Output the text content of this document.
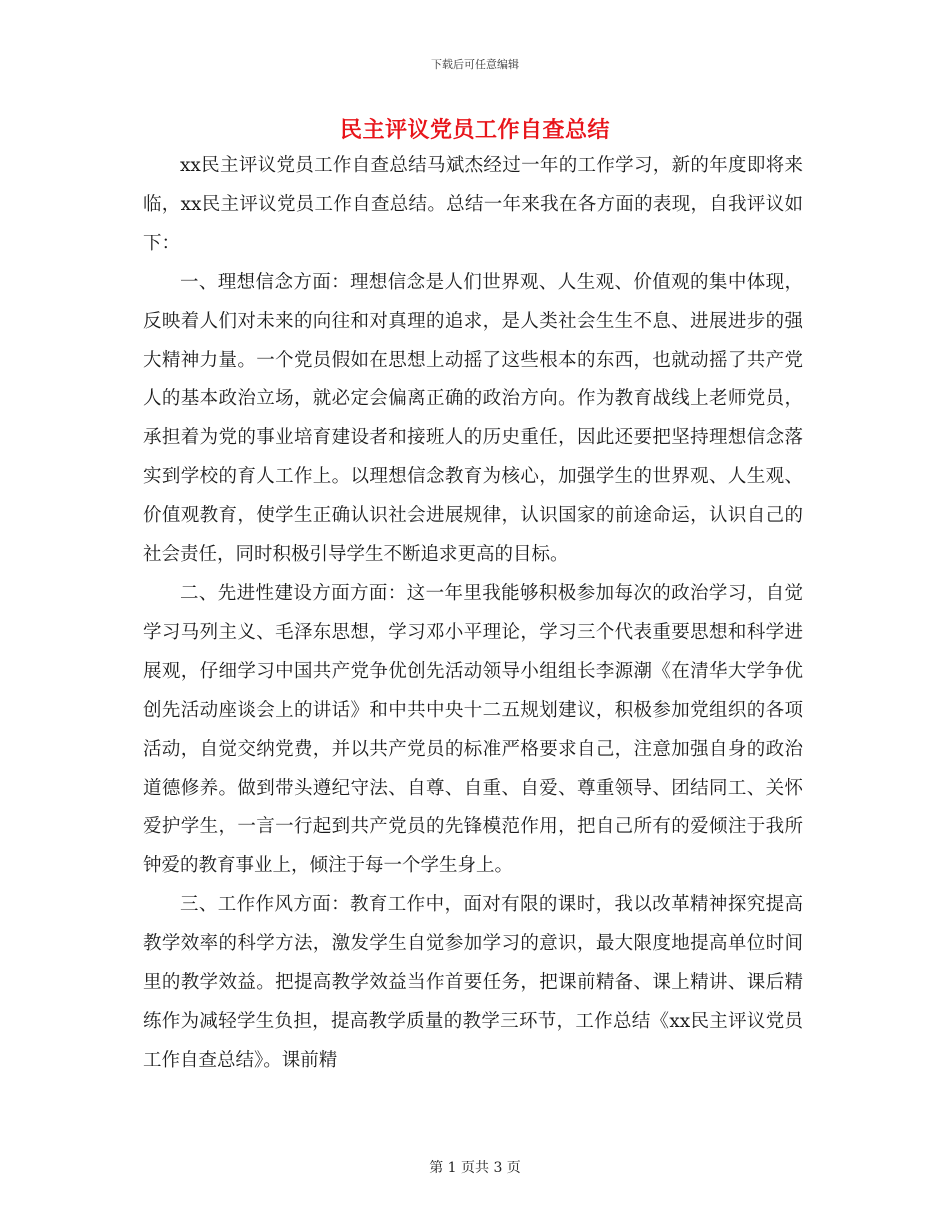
下载后可任意编辑
民主评议党员工作自查总结

xx民主评议党员工作自查总结马斌杰经过一年的工作学习，新的年度即将来临，xx民主评议党员工作自查总结。总结一年来我在各方面的表现，自我评议如下：

一、理想信念方面：理想信念是人们世界观、人生观、价值观的集中体现，反映着人们对未来的向往和对真理的追求，是人类社会生生不息、进展进步的强大精神力量。一个党员假如在思想上动摇了这些根本的东西，也就动摇了共产党人的基本政治立场，就必定会偏离正确的政治方向。作为教育战线上老师党员，承担着为党的事业培育建设者和接班人的历史重任，因此还要把坚持理想信念落实到学校的育人工作上。以理想信念教育为核心，加强学生的世界观、人生观、价值观教育，使学生正确认识社会进展规律，认识国家的前途命运，认识自己的社会责任，同时积极引导学生不断追求更高的目标。

二、先进性建设方面方面：这一年里我能够积极参加每次的政治学习，自觉学习马列主义、毛泽东思想，学习邓小平理论，学习三个代表重要思想和科学进展观，仔细学习中国共产党争优创先活动领导小组组长李源潮《在清华大学争优创先活动座谈会上的讲话》和中共中央十二五规划建议，积极参加党组织的各项活动，自觉交纳党费，并以共产党员的标准严格要求自己，注意加强自身的政治道德修养。做到带头遵纪守法、自尊、自重、自爱、尊重领导、团结同工、关怀爱护学生，一言一行起到共产党员的先锋模范作用，把自己所有的爱倾注于我所钟爱的教育事业上，倾注于每一个学生身上。

三、工作作风方面：教育工作中，面对有限的课时，我以改革精神探究提高教学效率的科学方法，激发学生自觉参加学习的意识，最大限度地提高单位时间里的教学效益。把提高教学效益当作首要任务，把课前精备、课上精讲、课后精练作为减轻学生负担，提高教学质量的教学三环节，工作总结《xx民主评议党员工作自查总结》。课前精

第 1 页共 3 页
